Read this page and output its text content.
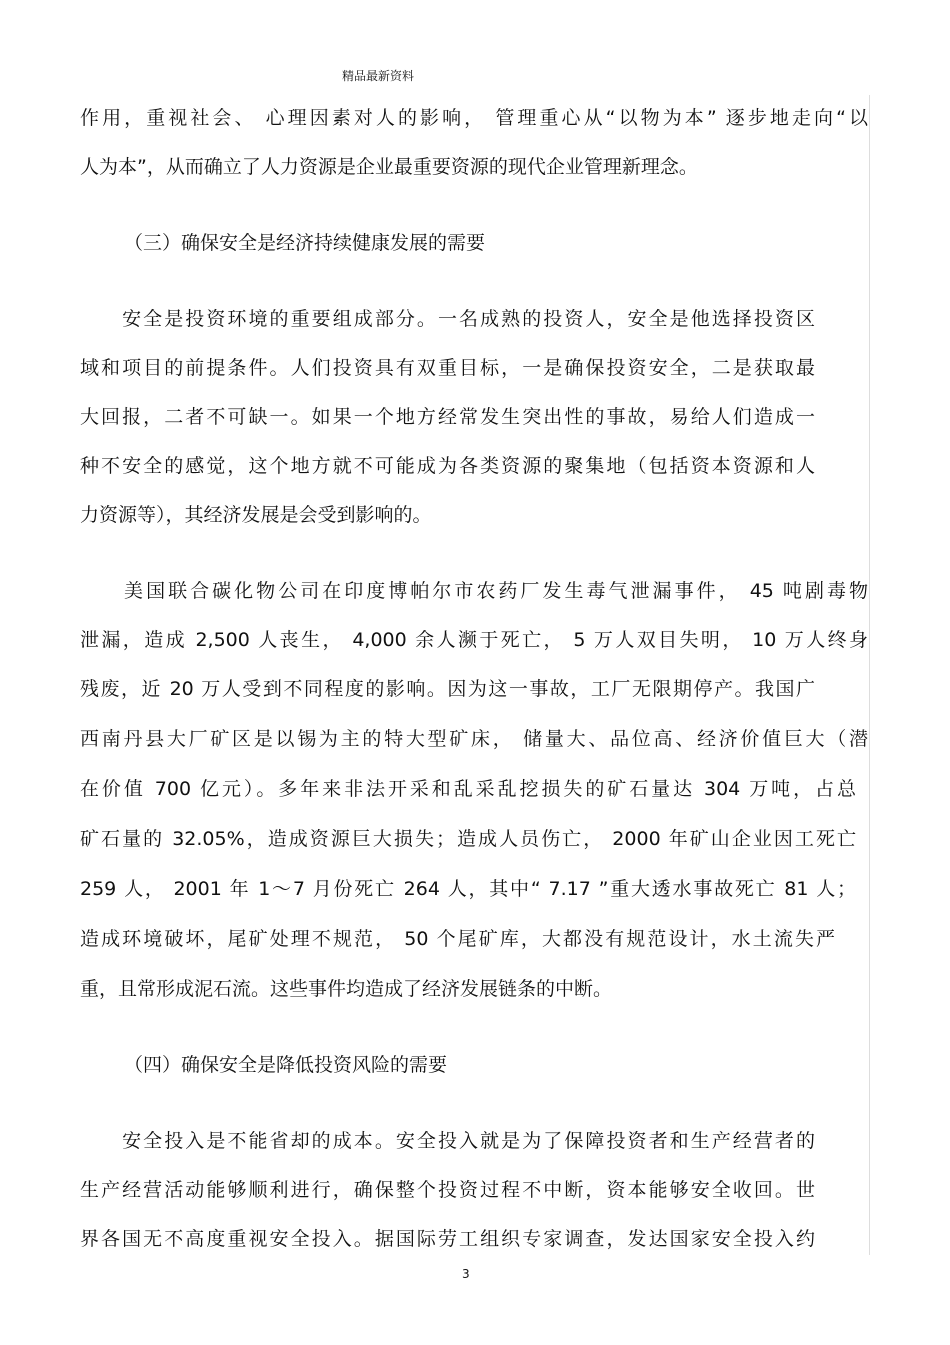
精品最新资料
作用，重视社会、 心理因素对人的影响， 管理重心从“以物为本” 逐步地走向“以
人为本”，从而确立了人力资源是企业最重要资源的现代企业管理新理念。
（三）确保安全是经济持续健康发展的需要
　　安全是投资环境的重要组成部分。一名成熟的投资人，安全是他选择投资区
域和项目的前提条件。人们投资具有双重目标，一是确保投资安全，二是获取最
大回报，二者不可缺一。如果一个地方经常发生突出性的事故，易给人们造成一
种不安全的感觉，这个地方就不可能成为各类资源的聚集地（包括资本资源和人
力资源等），其经济发展是会受到影响的。
　　美国联合碳化物公司在印度博帕尔市农药厂发生毒气泄漏事件， 45 吨剧毒物
泄漏，造成 2,500 人丧生， 4,000 余人濒于死亡， 5 万人双目失明， 10 万人终身
残废，近 20 万人受到不同程度的影响。因为这一事故，工厂无限期停产。我国广
西南丹县大厂矿区是以锡为主的特大型矿床， 储量大、品位高、经济价值巨大（潜
在价值 700 亿元）。多年来非法开采和乱采乱挖损失的矿石量达 304 万吨，占总
矿石量的 32.05%，造成资源巨大损失；造成人员伤亡， 2000 年矿山企业因工死亡
259 人， 2001 年 1～7 月份死亡 264 人，其中“ 7.17 ”重大透水事故死亡 81 人；
造成环境破坏，尾矿处理不规范， 50 个尾矿库，大都没有规范设计，水土流失严
重，且常形成泥石流。这些事件均造成了经济发展链条的中断。
（四）确保安全是降低投资风险的需要
　　安全投入是不能省却的成本。安全投入就是为了保障投资者和生产经营者的
生产经营活动能够顺利进行，确保整个投资过程不中断，资本能够安全收回。世
界各国无不高度重视安全投入。据国际劳工组织专家调查，发达国家安全投入约
3
